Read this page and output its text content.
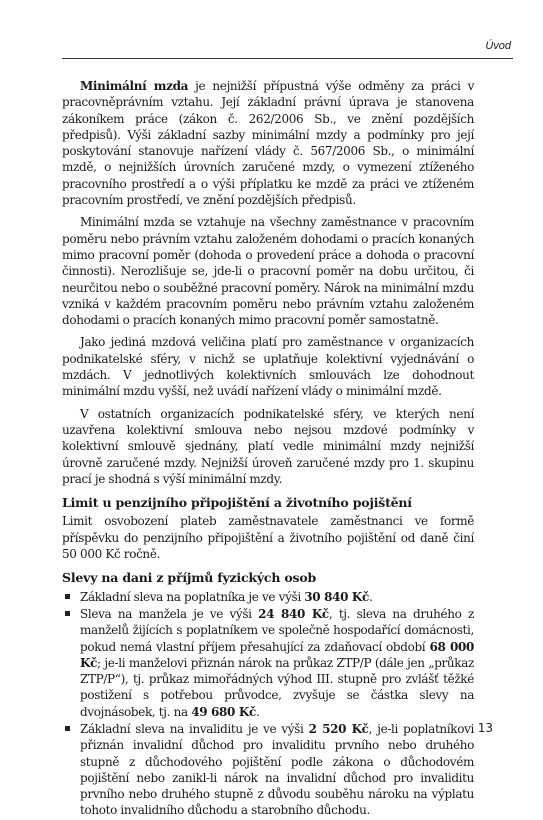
Úvod

Minimální mzda je nejnižší přípustná výše odměny za práci v pracovněprávním vztahu. Její základní právní úprava je stanovena zákoníkem práce (zákon č. 262/2006 Sb., ve znění pozdějších předpisů). Výši základní sazby minimální mzdy a podmínky pro její poskytování stanovuje nařízení vlády č. 567/2006 Sb., o minimální mzdě, o nejnižších úrovních zaručené mzdy, o vymezení ztíženého pracovního prostředí a o výši příplatku ke mzdě za práci ve ztíženém pracovním prostředí, ve znění pozdějších předpisů.

Minimální mzda se vztahuje na všechny zaměstnance v pracovním poměru nebo právním vztahu založeném dohodami o pracích konaných mimo pracovní poměr (dohoda o provedení práce a dohoda o pracovní činnosti). Nerozlišuje se, jde-li o pracovní poměr na dobu určitou, či neurčitou nebo o souběžné pracovní poměry. Nárok na minimální mzdu vzniká v každém pracovním poměru nebo právním vztahu založeném dohodami o pracích konaných mimo pracovní poměr samostatně.

Jako jediná mzdová veličina platí pro zaměstnance v organizacích podnikatelské sféry, v nichž se uplatňuje kolektivní vyjednávání o mzdách. V jednotlivých kolektivních smlouvách lze dohodnout minimální mzdu vyšší, než uvádí nařízení vlády o minimální mzdě.

V ostatních organizacích podnikatelské sféry, ve kterých není uzavřena kolektivní smlouva nebo nejsou mzdové podmínky v kolektivní smlouvě sjednány, platí vedle minimální mzdy nejnižší úrovně zaručené mzdy. Nejnižší úroveň zaručené mzdy pro 1. skupinu prací je shodná s výší minimální mzdy.

Limit u penzijního připojištění a životního pojištění

Limit osvobození plateb zaměstnavatele zaměstnanci ve formě příspěvku do penzijního připojištění a životního pojištění od daně činí 50 000 Kč ročně.

Slevy na dani z příjmů fyzických osob
Základní sleva na poplatníka je ve výši 30 840 Kč.
Sleva na manžela je ve výši 24 840 Kč, tj. sleva na druhého z manželů žijících s poplatníkem ve společně hospodařící domácnosti, pokud nemá vlastní příjem přesahující za zdaňovací období 68 000 Kč; je-li manželovi přiznán nárok na průkaz ZTP/P (dále jen „průkaz ZTP/P“), tj. průkaz mimořádných výhod III. stupně pro zvlášť těžké postižení s potřebou průvodce, zvyšuje se částka slevy na dvojnásobek, tj. na 49 680 Kč.
Základní sleva na invaliditu je ve výši 2 520 Kč, je-li poplatníkovi přiznán invalidní důchod pro invaliditu prvního nebo druhého stupně z důchodového pojištění podle zákona o důchodovém pojištění nebo zanikl-li nárok na invalidní důchod pro invaliditu prvního nebo druhého stupně z důvodu souběhu nároku na výplatu tohoto invalidního důchodu a starobního důchodu.
13
